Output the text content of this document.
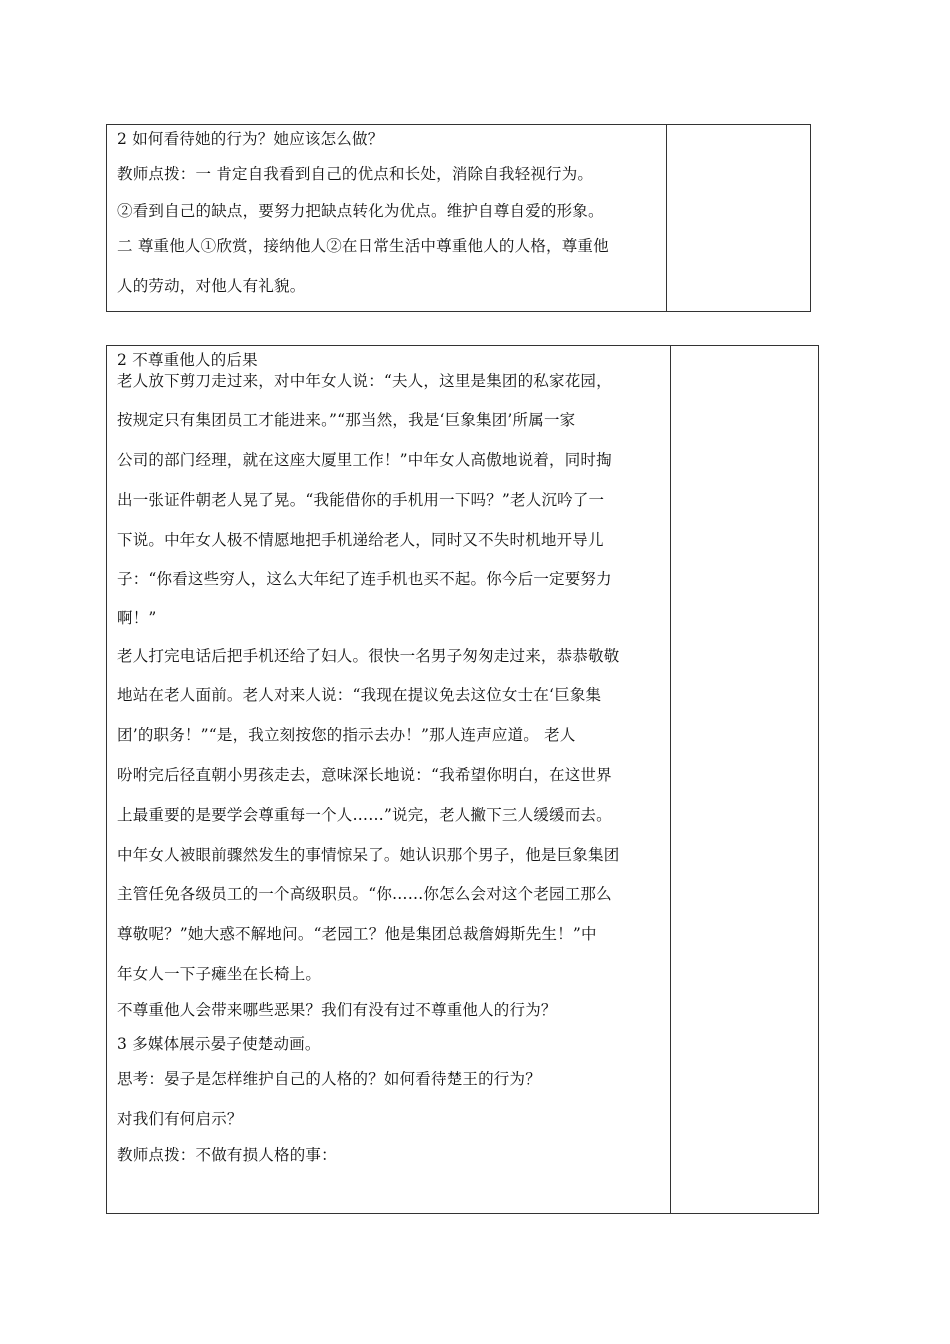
2 如何看待她的行为？她应该怎么做？
教师点拨：一 肯定自我看到自己的优点和长处，消除自我轻视行为。
②看到自己的缺点，要努力把缺点转化为优点。维护自尊自爱的形象。
二 尊重他人①欣赏，接纳他人②在日常生活中尊重他人的人格，尊重他
人的劳动，对他人有礼貌。
2 不尊重他人的后果
老人放下剪刀走过来，对中年女人说：“夫人，这里是集团的私家花园，
按规定只有集团员工才能进来。”“那当然，我是‘巨象集团’所属一家
公司的部门经理，就在这座大厦里工作！”中年女人高傲地说着，同时掏
出一张证件朝老人晃了晃。“我能借你的手机用一下吗？”老人沉吟了一
下说。中年女人极不情愿地把手机递给老人，同时又不失时机地开导儿
子：“你看这些穷人，这么大年纪了连手机也买不起。你今后一定要努力
啊！”
老人打完电话后把手机还给了妇人。很快一名男子匆匆走过来，恭恭敬敬
地站在老人面前。老人对来人说：“我现在提议免去这位女士在‘巨象集
团’的职务！”“是，我立刻按您的指示去办！”那人连声应道。 老人
吩咐完后径直朝小男孩走去，意味深长地说：“我希望你明白，在这世界
上最重要的是要学会尊重每一个人……”说完，老人撇下三人缓缓而去。
中年女人被眼前骤然发生的事情惊呆了。她认识那个男子，他是巨象集团
主管任免各级员工的一个高级职员。“你……你怎么会对这个老园工那么
尊敬呢？”她大惑不解地问。“老园工？他是集团总裁詹姆斯先生！”中
年女人一下子瘫坐在长椅上。
不尊重他人会带来哪些恶果？我们有没有过不尊重他人的行为？
3 多媒体展示晏子使楚动画。
思考：晏子是怎样维护自己的人格的？如何看待楚王的行为？
对我们有何启示？
教师点拨：不做有损人格的事：
